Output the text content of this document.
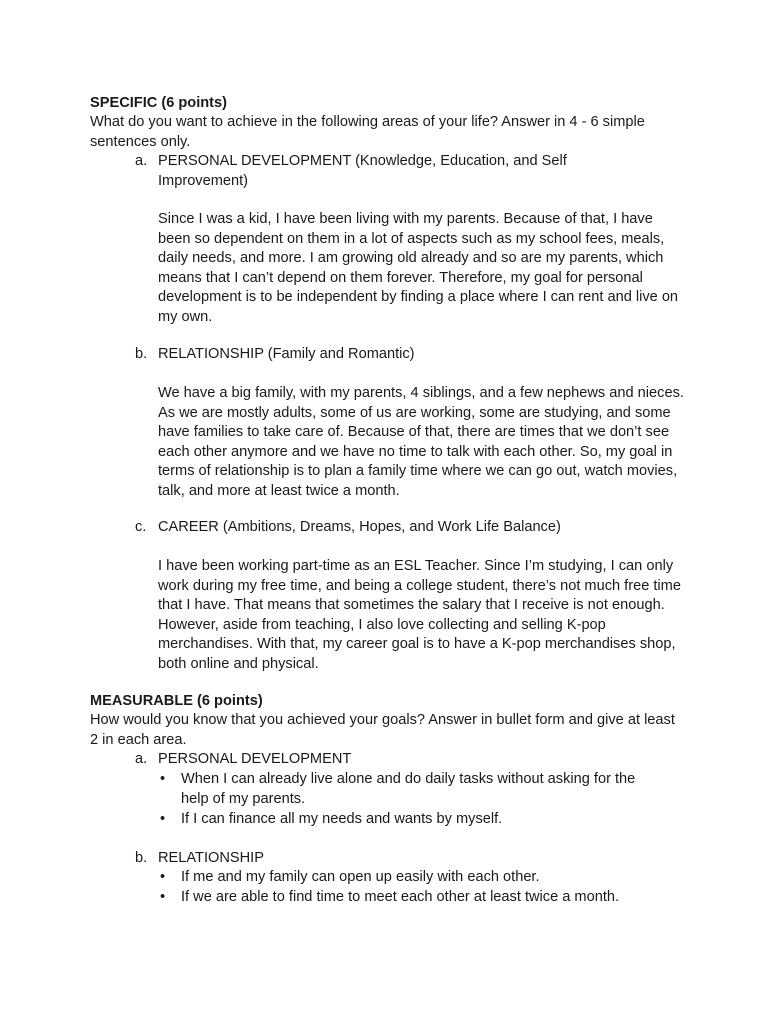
SPECIFIC (6 points)
What do you want to achieve in the following areas of your life? Answer in 4 - 6 simple sentences only.
a. PERSONAL DEVELOPMENT (Knowledge, Education, and Self Improvement)
Since I was a kid, I have been living with my parents. Because of that, I have been so dependent on them in a lot of aspects such as my school fees, meals, daily needs, and more. I am growing old already and so are my parents, which means that I can’t depend on them forever. Therefore, my goal for personal development is to be independent by finding a place where I can rent and live on my own.
b. RELATIONSHIP (Family and Romantic)
We have a big family, with my parents, 4 siblings, and a few nephews and nieces. As we are mostly adults, some of us are working, some are studying, and some have families to take care of. Because of that, there are times that we don’t see each other anymore and we have no time to talk with each other. So, my goal in terms of relationship is to plan a family time where we can go out, watch movies, talk, and more at least twice a month.
c. CAREER (Ambitions, Dreams, Hopes, and Work Life Balance)
I have been working part-time as an ESL Teacher. Since I’m studying, I can only work during my free time, and being a college student, there’s not much free time that I have. That means that sometimes the salary that I receive is not enough. However, aside from teaching, I also love collecting and selling K-pop merchandises. With that, my career goal is to have a K-pop merchandises shop, both online and physical.
MEASURABLE (6 points)
How would you know that you achieved your goals? Answer in bullet form and give at least 2 in each area.
a. PERSONAL DEVELOPMENT
• When I can already live alone and do daily tasks without asking for the help of my parents.
• If I can finance all my needs and wants by myself.
b. RELATIONSHIP
• If me and my family can open up easily with each other.
• If we are able to find time to meet each other at least twice a month.
